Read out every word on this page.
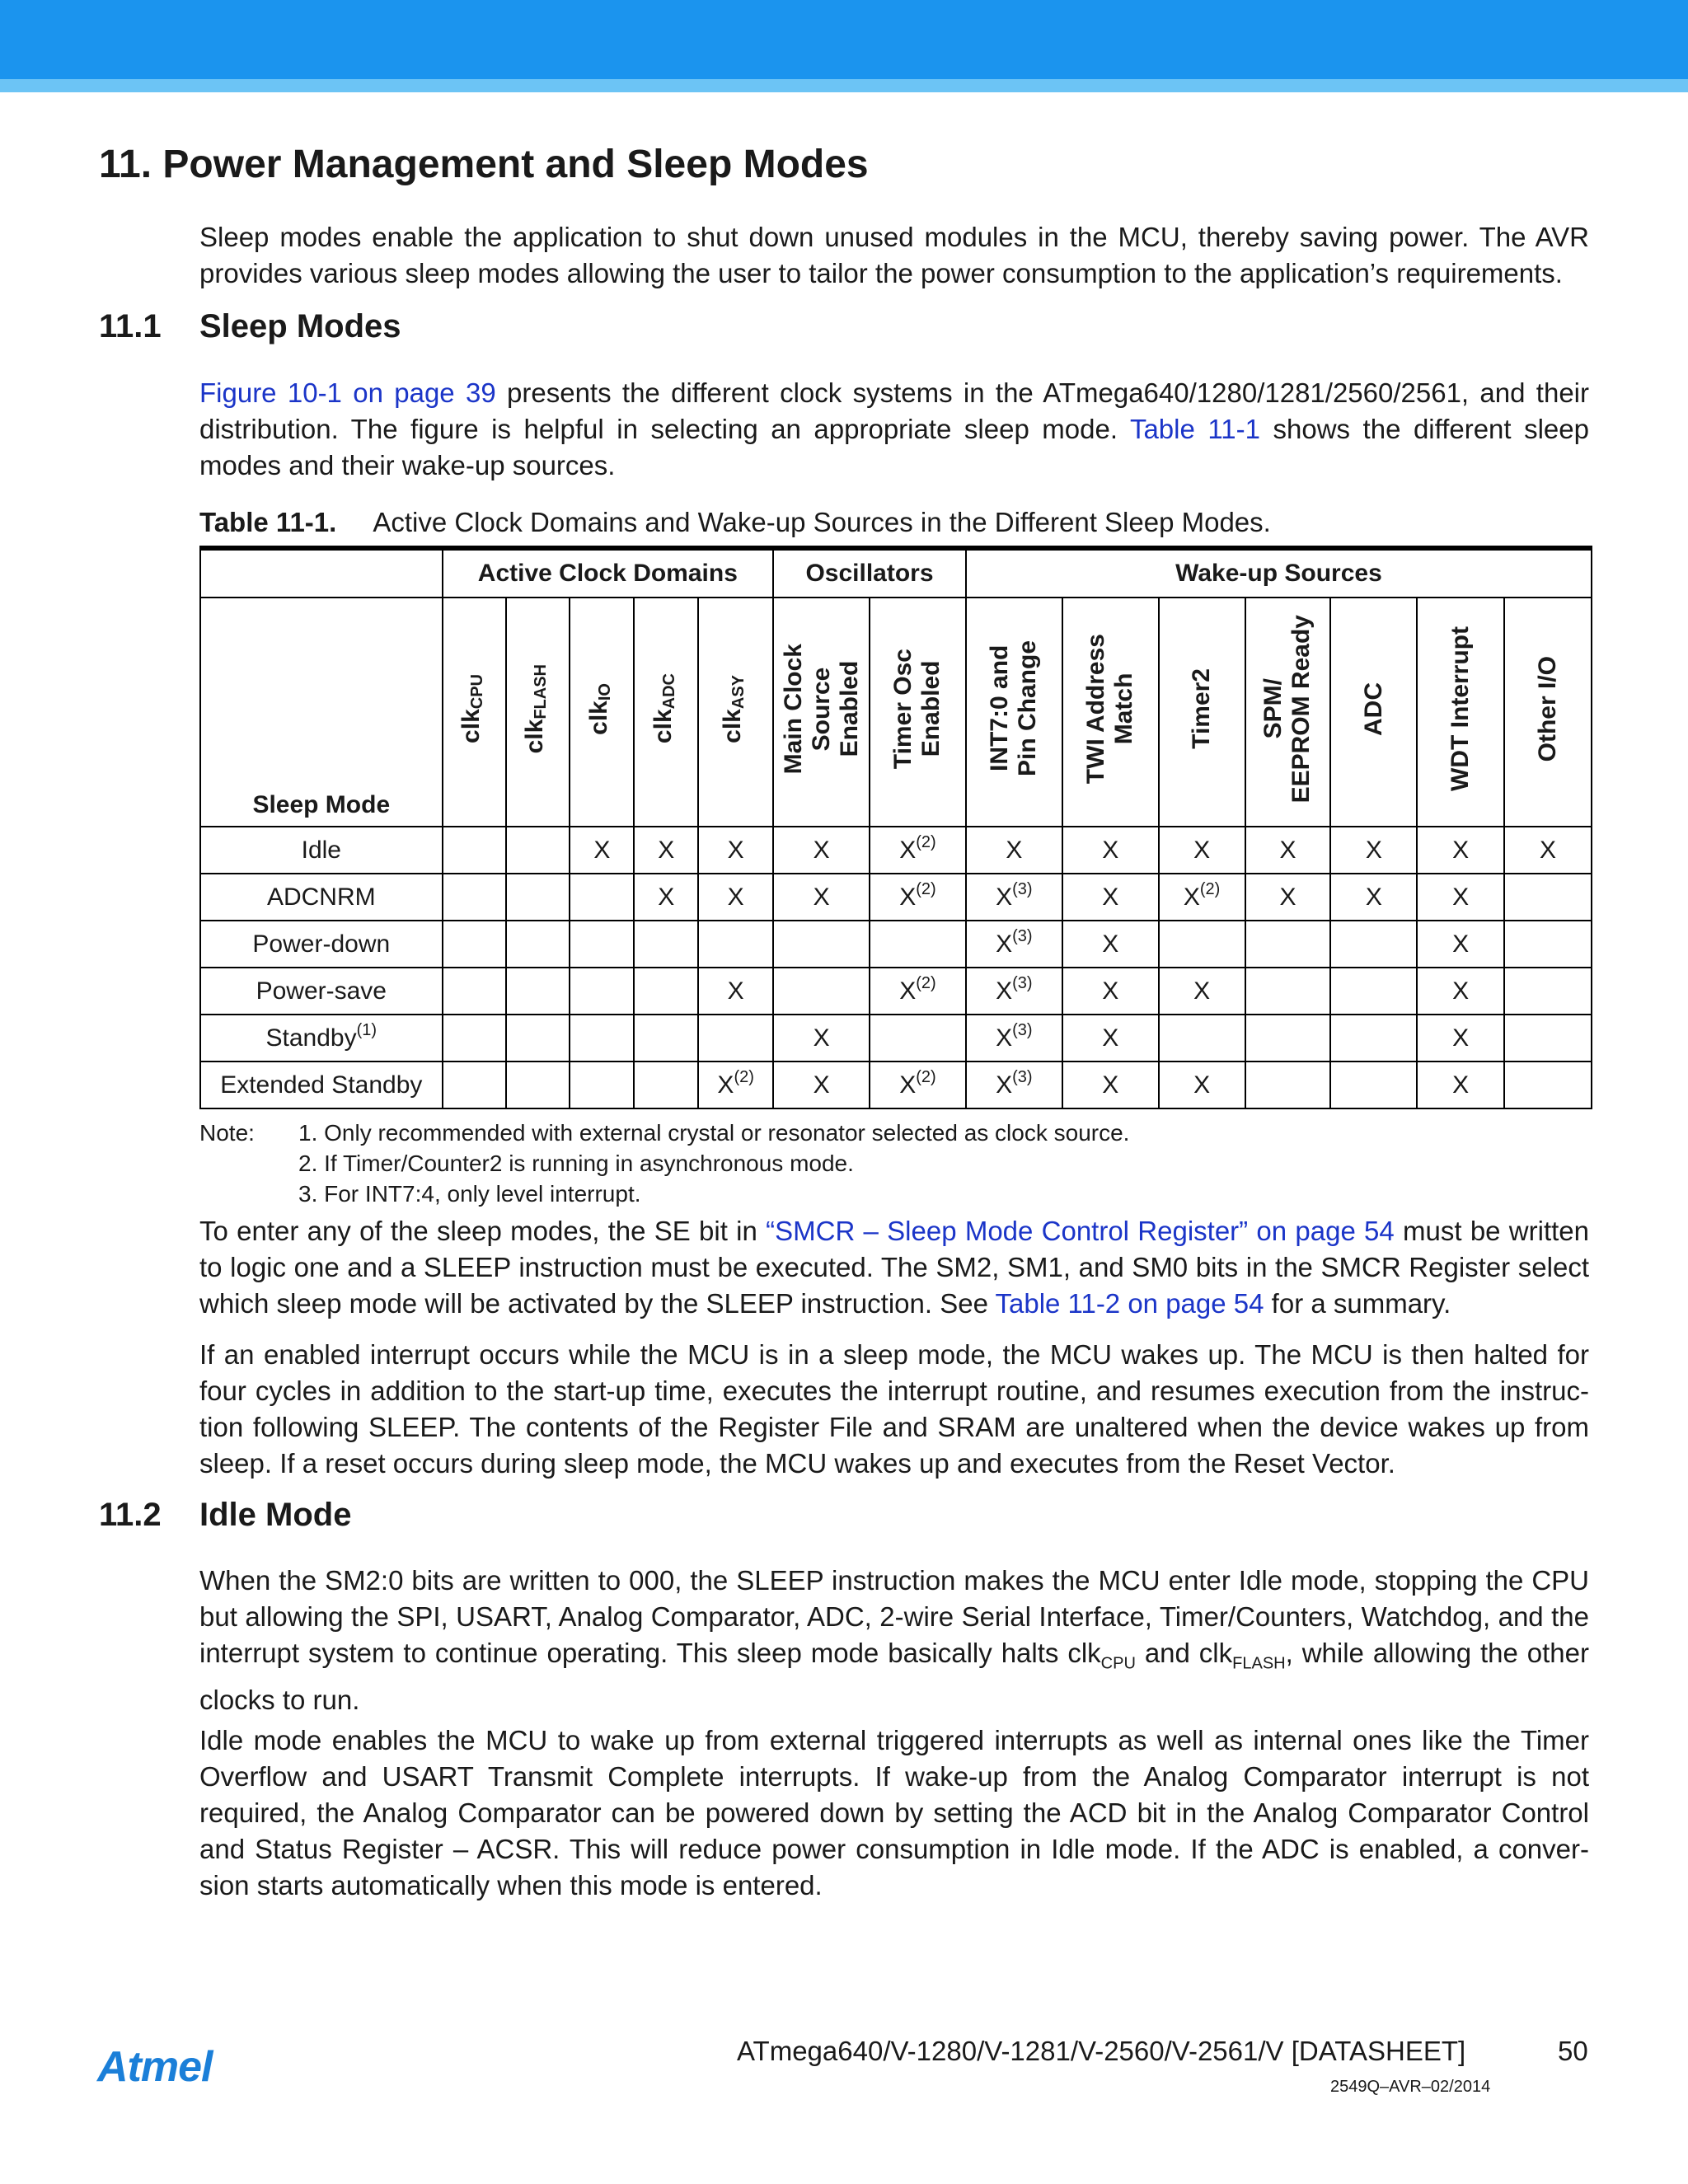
11. Power Management and Sleep Modes

Sleep modes enable the application to shut down unused modules in the MCU, thereby saving power. The AVR provides various sleep modes allowing the user to tailor the power consumption to the application’s requirements.

11.1 Sleep Modes

Figure 10-1 on page 39 presents the different clock systems in the ATmega640/1280/1281/2560/2561, and their distribution. The figure is helpful in selecting an appropriate sleep mode. Table 11-1 shows the different sleep modes and their wake-up sources.

Table 11-1. Active Clock Domains and Wake-up Sources in the Different Sleep Modes.
	Active Clock Domains					Oscillators		Wake-up Sources						
Sleep Mode	clk$_{CPU}$	clk$_{FLASH}$	clk$_{IO}$	clk$_{ADC}$	clk$_{ASY}$	Main Clock
Source
Enabled	Timer Osc
Enabled	INT7:0 and
Pin Change	TWI Address
Match	Timer2	SPM/
EEPROM Ready	ADC	WDT Interrupt	Other I/O
Idle			X	X	X	X	$X^{(2)}$	X	X	X	X	X	X	X
ADCNRM				X	X	X	$X^{(2)}$	$X^{(3)}$	X	$X^{(2)}$	X	X	X	
Power-down								$X^{(3)}$	X				X	
Power-save					X		$X^{(2)}$	$X^{(3)}$	X	X			X	
Standby$^{(1)}$						X		$X^{(3)}$	X				X	
Extended Standby					$X^{(2)}$	X	$X^{(2)}$	$X^{(3)}$	X	X			X	
Note: 1. Only recommended with external crystal or resonator selected as clock source.
2. If Timer/Counter2 is running in asynchronous mode.
3. For INT7:4, only level interrupt.

To enter any of the sleep modes, the SE bit in “SMCR – Sleep Mode Control Register” on page 54 must be written to logic one and a SLEEP instruction must be executed. The SM2, SM1, and SM0 bits in the SMCR Register select which sleep mode will be activated by the SLEEP instruction. See Table 11-2 on page 54 for a summary.

If an enabled interrupt occurs while the MCU is in a sleep mode, the MCU wakes up. The MCU is then halted for four cycles in addition to the start-up time, executes the interrupt routine, and resumes execution from the instruc-tion following SLEEP. The contents of the Register File and SRAM are unaltered when the device wakes up from sleep. If a reset occurs during sleep mode, the MCU wakes up and executes from the Reset Vector.

11.2 Idle Mode

When the SM2:0 bits are written to 000, the SLEEP instruction makes the MCU enter Idle mode, stopping the CPU but allowing the SPI, USART, Analog Comparator, ADC, 2-wire Serial Interface, Timer/Counters, Watchdog, and the interrupt system to continue operating. This sleep mode basically halts clk$_{CPU}$ and clk$_{FLASH}$, while allowing the other clocks to run.

Idle mode enables the MCU to wake up from external triggered interrupts as well as internal ones like the Timer Overflow and USART Transmit Complete interrupts. If wake-up from the Analog Comparator interrupt is not required, the Analog Comparator can be powered down by setting the ACD bit in the Analog Comparator Control and Status Register – ACSR. This will reduce power consumption in Idle mode. If the ADC is enabled, a conver-sion starts automatically when this mode is entered.

Atmel	ATmega640/V-1280/V-1281/V-2560/V-2561/V [DATASHEET]	50
2549Q–AVR–02/2014
